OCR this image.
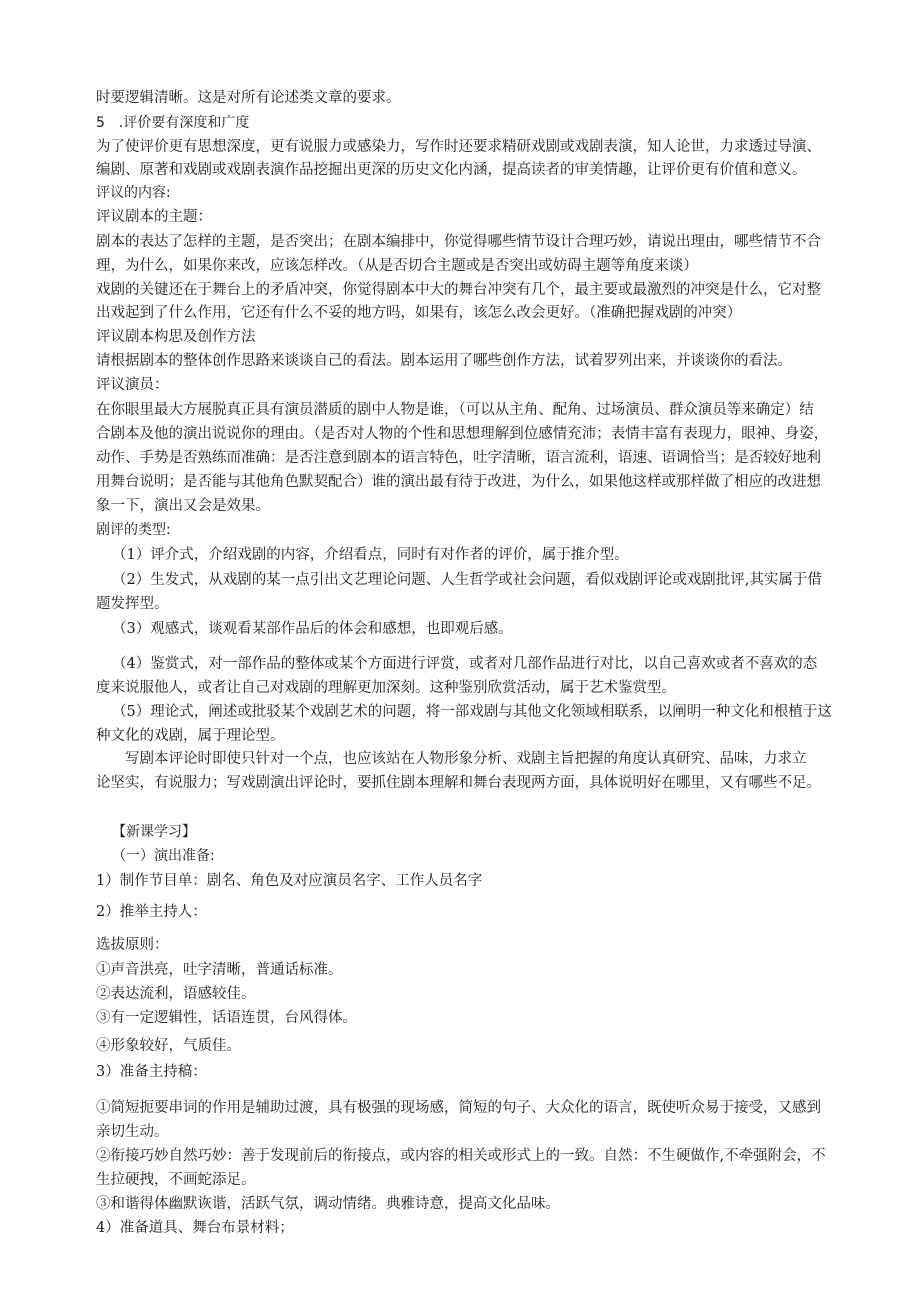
时要逻辑清晰。这是对所有论述类文章的要求。

5　.评价要有深度和广度

为了使评价更有思想深度，更有说服力或感染力，写作时还要求精研戏剧或戏剧表演，知人论世，力求透过导演、

编剧、原著和戏剧或戏剧表演作品挖掘出更深的历史文化内涵，提高读者的审美情趣，让评价更有价值和意义。

评议的内容:

评议剧本的主题：

剧本的表达了怎样的主题，是否突出；在剧本编排中，你觉得哪些情节设计合理巧妙，请说出理由，哪些情节不合

理，为什么，如果你来改，应该怎样改。（从是否切合主题或是否突出或妨碍主题等角度来谈）

戏剧的关键还在于舞台上的矛盾冲突，你觉得剧本中大的舞台冲突有几个，最主要或最激烈的冲突是什么，它对整

出戏起到了什么作用，它还有什么不妥的地方吗，如果有，该怎么改会更好。（准确把握戏剧的冲突）

评议剧本构思及创作方法

请根据剧本的整体创作思路来谈谈自己的看法。剧本运用了哪些创作方法，试着罗列出来，并谈谈你的看法。

评议演员：

在你眼里最大方展脱真正具有演员潜质的剧中人物是谁，（可以从主角、配角、过场演员、群众演员等来确定）结

合剧本及他的演出说说你的理由。（是否对人物的个性和思想理解到位感情充沛；表情丰富有表现力，眼神、身姿，

动作、手势是否熟练而准确：是否注意到剧本的语言特色，吐字清晰，语言流利，语速、语调恰当；是否较好地利

用舞台说明；是否能与其他角色默契配合）谁的演出最有待于改进，为什么，如果他这样或那样做了相应的改进想

象一下，演出又会是效果。

剧评的类型:

（1）评介式，介绍戏剧的内容，介绍看点，同时有对作者的评价，属于推介型。

（2）生发式，从戏剧的某一点引出文艺理论问题、人生哲学或社会问题，看似戏剧评论或戏剧批评,其实属于借

题发挥型。

（3）观感式，谈观看某部作品后的体会和感想，也即观后感。

（4）鉴赏式，对一部作品的整体或某个方面进行评赏，或者对几部作品进行对比，以自己喜欢或者不喜欢的态

度来说服他人，或者让自己对戏剧的理解更加深刻。这种鉴别欣赏活动，属于艺术鉴赏型。

（5）理论式，阐述或批驳某个戏剧艺术的问题，将一部戏剧与其他文化领域相联系，以阐明一种文化和根植于这

种文化的戏剧，属于理论型。

　　写剧本评论时即使只针对一个点，也应该站在人物形象分析、戏剧主旨把握的角度认真研究、品味，力求立

论坚实，有说服力；写戏剧演出评论时，要抓住剧本理解和舞台表现两方面，具体说明好在哪里，又有哪些不足。

【新课学习】

（一）演出准备:

1）制作节目单：剧名、角色及对应演员名字、工作人员名字

2）推举主持人：

选拔原则：

①声音洪亮，吐字清晰，普通话标准。

②表达流利，语感较佳。

③有一定逻辑性，话语连贯，台风得体。

④形象较好，气质佳。

3）准备主持稿：

①简短扼要串词的作用是辅助过渡，具有极强的现场感，简短的句子、大众化的语言，既使听众易于接受，又感到

亲切生动。

②衔接巧妙自然巧妙：善于发现前后的衔接点，或内容的相关或形式上的一致。自然：不生硬做作,不牵强附会，不

生拉硬拽，不画蛇添足。

③和谐得体幽默诙谐，活跃气氛，调动情绪。典雅诗意，提高文化品味。

4）准备道具、舞台布景材料；
